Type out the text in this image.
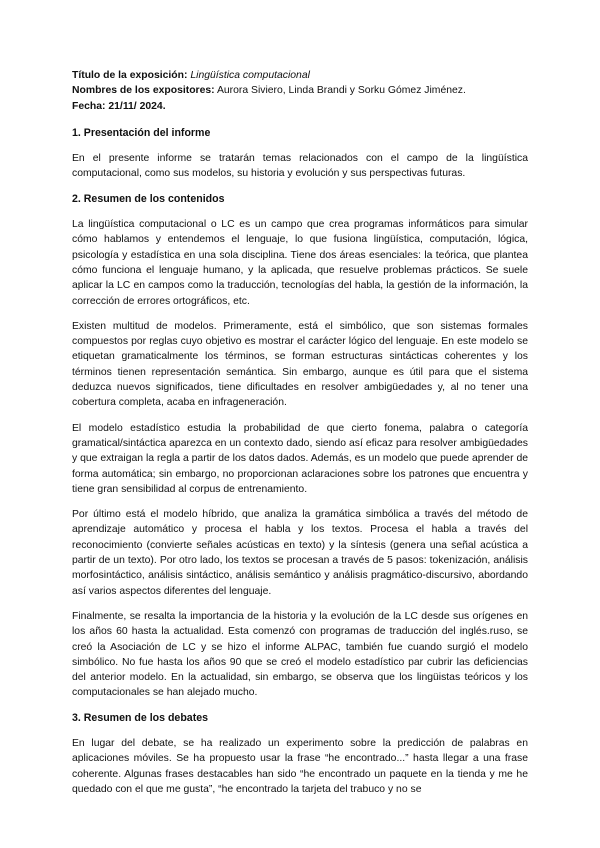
Título de la exposición: Lingüística computacional

Nombres de los expositores: Aurora Siviero, Linda Brandi y Sorku Gómez Jiménez.

Fecha: 21/11/ 2024.

1. Presentación del informe

En el presente informe se tratarán temas relacionados con el campo de la lingüística computacional, como sus modelos, su historia y evolución y sus perspectivas futuras.

2. Resumen de los contenidos

La lingüística computacional o LC es un campo que crea programas informáticos para simular cómo hablamos y entendemos el lenguaje, lo que fusiona lingüística, computación, lógica, psicología y estadística en una sola disciplina. Tiene dos áreas esenciales: la teórica, que plantea cómo funciona el lenguaje humano, y la aplicada, que resuelve problemas prácticos. Se suele aplicar la LC en campos como la traducción, tecnologías del habla, la gestión de la información, la corrección de errores ortográficos, etc.

Existen multitud de modelos. Primeramente, está el simbólico, que son sistemas formales compuestos por reglas cuyo objetivo es mostrar el carácter lógico del lenguaje. En este modelo se etiquetan gramaticalmente los términos, se forman estructuras sintácticas coherentes y los términos tienen representación semántica. Sin embargo, aunque es útil para que el sistema deduzca nuevos significados, tiene dificultades en resolver ambigüedades y, al no tener una cobertura completa, acaba en infrageneración.

El modelo estadístico estudia la probabilidad de que cierto fonema, palabra o categoría gramatical/sintáctica aparezca en un contexto dado, siendo así eficaz para resolver ambigüedades y que extraigan la regla a partir de los datos dados. Además, es un modelo que puede aprender de forma automática; sin embargo, no proporcionan aclaraciones sobre los patrones que encuentra y tiene gran sensibilidad al corpus de entrenamiento.

Por último está el modelo híbrido, que analiza la gramática simbólica a través del método de aprendizaje automático y procesa el habla y los textos. Procesa el habla a través del reconocimiento (convierte señales acústicas en texto) y la síntesis (genera una señal acústica a partir de un texto). Por otro lado, los textos se procesan a través de 5 pasos: tokenización, análisis morfosintáctico, análisis sintáctico, análisis semántico y análisis pragmático-discursivo, abordando así varios aspectos diferentes del lenguaje.

Finalmente, se resalta la importancia de la historia y la evolución de la LC desde sus orígenes en los años 60 hasta la actualidad. Esta comenzó con programas de traducción del inglés.ruso, se creó la Asociación de LC y se hizo el informe ALPAC, también fue cuando surgió el modelo simbólico. No fue hasta los años 90 que se creó el modelo estadístico par cubrir las deficiencias del anterior modelo. En la actualidad, sin embargo, se observa que los lingüistas teóricos y los computacionales se han alejado mucho.

3. Resumen de los debates

En lugar del debate, se ha realizado un experimento sobre la predicción de palabras en aplicaciones móviles. Se ha propuesto usar la frase “he encontrado...” hasta llegar a una frase coherente. Algunas frases destacables han sido “he encontrado un paquete en la tienda y me he quedado con el que me gusta”, “he encontrado la tarjeta del trabuco y no se
